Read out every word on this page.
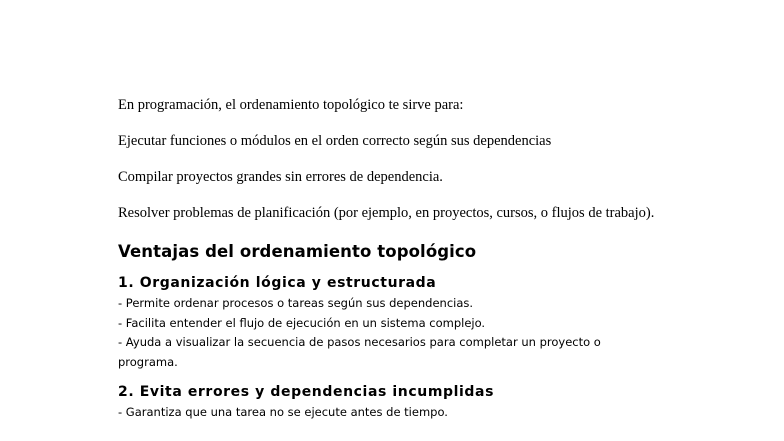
En programación, el ordenamiento topológico te sirve para:

Ejecutar funciones o módulos en el orden correcto según sus dependencias

Compilar proyectos grandes sin errores de dependencia.

Resolver problemas de planificación (por ejemplo, en proyectos, cursos, o flujos de trabajo).

Ventajas del ordenamiento topológico
1. Organización lógica y estructurada
- Permite ordenar procesos o tareas según sus dependencias.
- Facilita entender el flujo de ejecución en un sistema complejo.
- Ayuda a visualizar la secuencia de pasos necesarios para completar un proyecto o programa.
2. Evita errores y dependencias incumplidas
- Garantiza que una tarea no se ejecute antes de tiempo.
